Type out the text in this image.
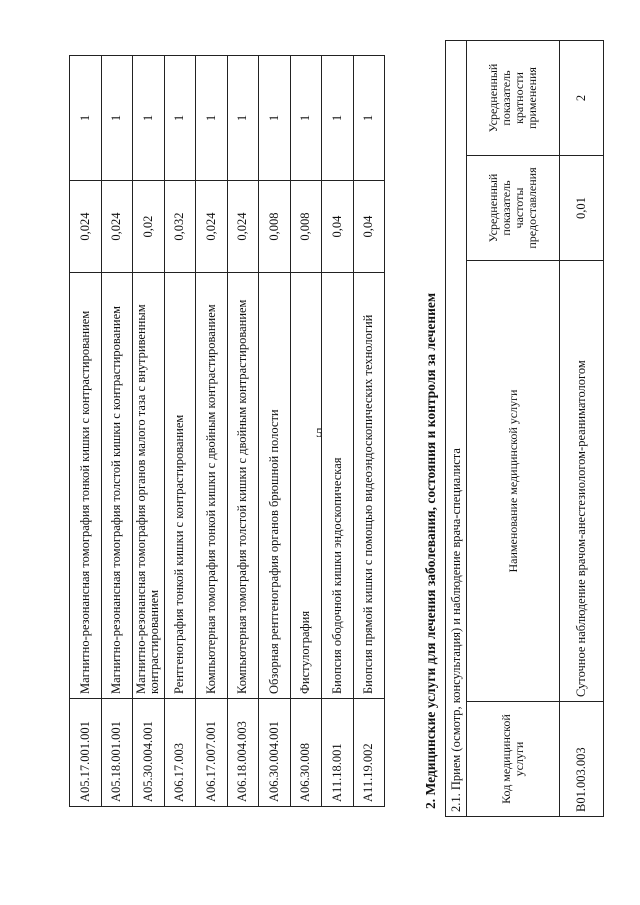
5
A05.17.001.001	Магнитно-резонансная томография тонкой кишки с контрастированием	0,024	1
A05.18.001.001	Магнитно-резонансная томография толстой кишки с контрастированием	0,024	1
A05.30.004.001	Магнитно-резонансная томография органов малого таза с внутривенным контрастированием	0,02	1
A06.17.003	Рентгенография тонкой кишки с контрастированием	0,032	1
A06.17.007.001	Компьютерная томография тонкой кишки с двойным контрастированием	0,024	1
A06.18.004.003	Компьютерная томография толстой кишки с двойным контрастированием	0,024	1
A06.30.004.001	Обзорная рентгенография органов брюшной полости	0,008	1
A06.30.008	Фистулография	0,008	1
A11.18.001	Биопсия ободочной кишки эндоскопическая	0,04	1
A11.19.002	Биопсия прямой кишки с помощью видеоэндоскопических технологий	0,04	1
2. Медицинские услуги для лечения заболевания, состояния и контроля за лечением 2.1. Прием (осмотр, консультация) и наблюдение врача-специалиста			
Код медицинской услуги	Наименование медицинской услуги	Усредненный показатель частоты предоставления	Усредненный показатель кратности применения
B01.003.003	Суточное наблюдение врачом-анестезиологом-реаниматологом	0,01	2
